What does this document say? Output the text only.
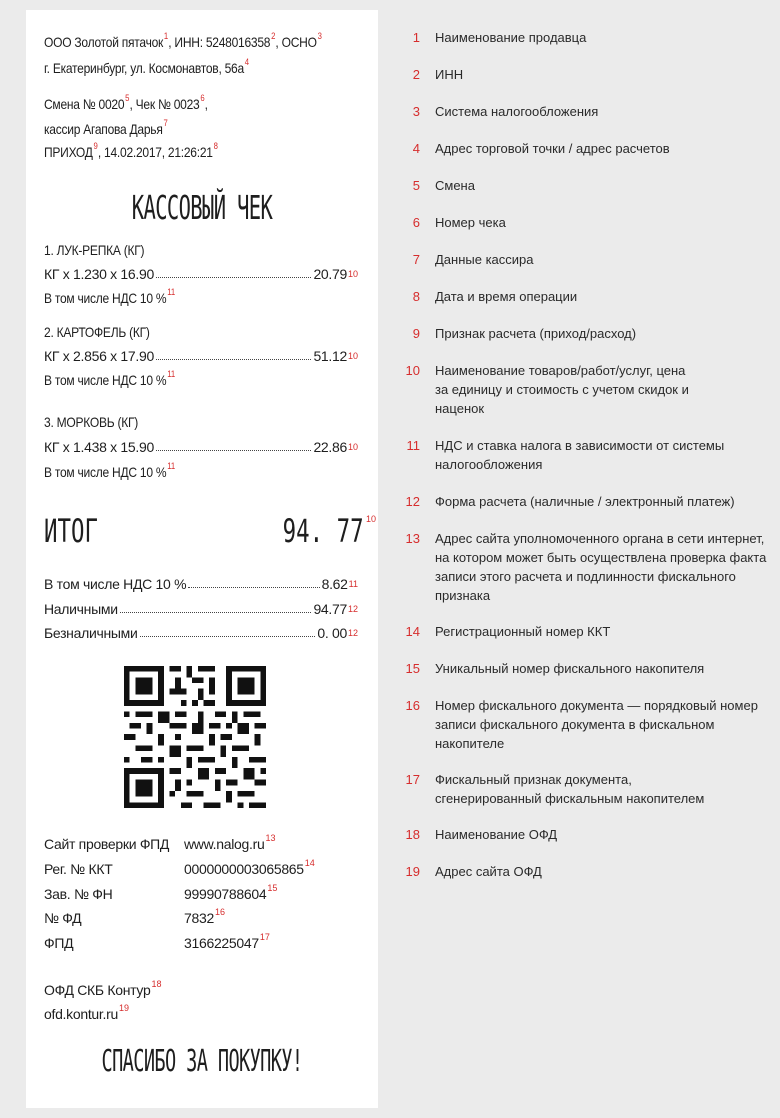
ООО Золотой пятачок$^1$, ИНН: 5248016358$^2$, ОСНО$^3$
г. Екатеринбург, ул. Космонавтов, $56а^4$
Смена № 0020$^5$, Чек № 0023$^6$,
кассир Агапова Дарья$^7$
ПРИХОД$^9$, 14.02.2017, $21:26:21^8$
КАССОВЫЙ ЧЕК
1. ЛУК-РЕПКА (КГ)
КГ х 1.230 х 16.90	20.79$^{10}$
В том числе НДС 10 %$^{11}$
2. КАРТОФЕЛЬ (КГ)
КГ х 2.856 х 17.90	51.12$^{10}$
В том числе НДС 10 %$^{11}$
3. МОРКОВЬ (КГ)
КГ х 1.438 х 15.90	22.86$^{10}$
В том числе НДС 10 %$^{11}$
ИТОГ	94. 77 10
В том числе НДС 10 %	8.62$^{11}$
Наличными	94.77$^{12}$
Безналичными	0. $00^{12}$
Сайт проверки ФПД $www.nalog.ru^{13}$
Рег. № ККТ	0000000003065865$^{14}$
Зав. № ФН	99990788604$^{15}$
№ ФД	7832$^{16}$
ФПД	3166225047$^{17}$
ОФД СКБ Контур$^{18}$
$ofd.kontur.ru^{19}$
СПАСИБО ЗА ПОКУПКУ!
1 Наименование продавца
2 ИНН
3 Система налогообложения
4 Адрес торговой точки / адрес расчетов
5 Смена
6 Номер чека
7 Данные кассира
8 Дата и время операции
9 Признак расчета (приход/расход)
10 Наименование товаров/работ/услуг, цена за единицу и стоимость с учетом скидок и наценок
11 НДС и ставка налога в зависимости от системы налогообложения
12 Форма расчета (наличные / электронный платеж)
13 Адрес сайта уполномоченного органа в сети интернет, на котором может быть осуществлена проверка факта записи этого расчета и подлинности фискального признака
14 Регистрационный номер ККТ
15 Уникальный номер фискального накопителя
16 Номер фискального документа — порядковый номер записи фискального документа в фискальном накопителе
17 Фискальный признак документа, сгенерированный фискальным накопителем
18 Наименование ОФД
19 Адрес сайта ОФД
